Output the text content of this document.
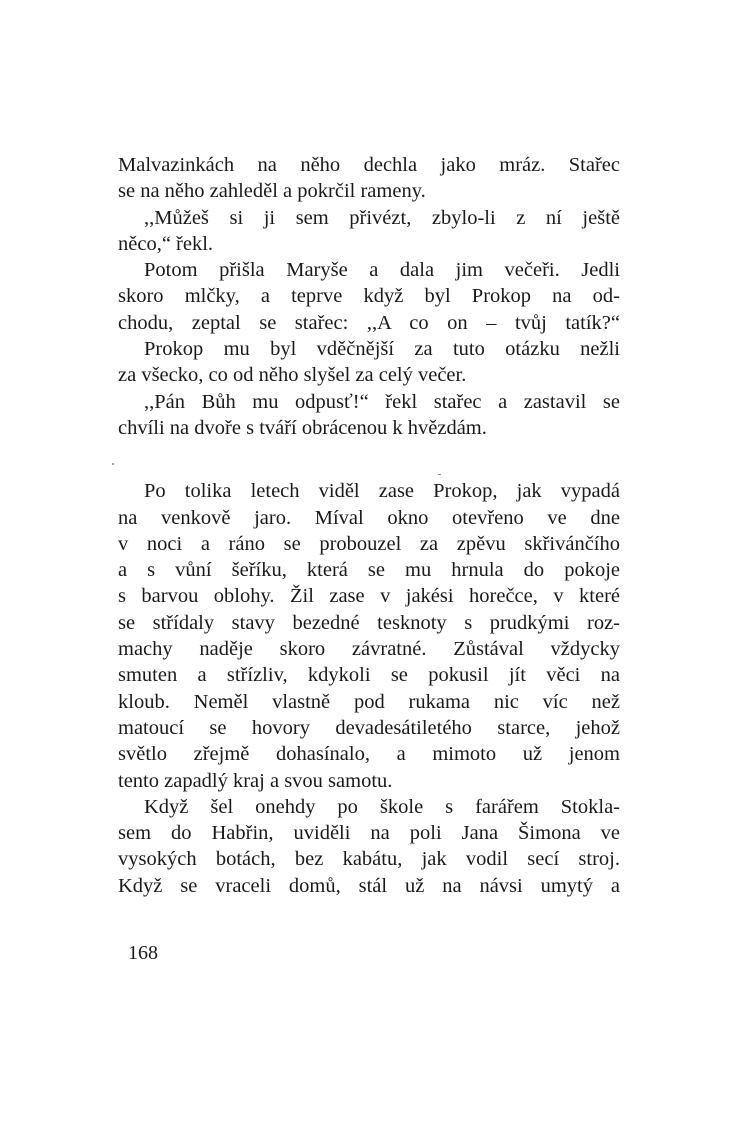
Malvazinkách na něho dechla jako mráz. Stařec
se na něho zahleděl a pokrčil rameny.
,,Můžeš si ji sem přivézt, zbylo-li z ní ještě
něco,“ řekl.
Potom přišla Maryše a dala jim večeři. Jedli
skoro mlčky, a teprve když byl Prokop na od-
chodu, zeptal se stařec: ,,A co on – tvůj tatík?“
Prokop mu byl vděčnější za tuto otázku nežli
za všecko, co od něho slyšel za celý večer.
,,Pán Bůh mu odpusť!“ řekl stařec a zastavil se
chvíli na dvoře s tváří obrácenou k hvězdám.
Po tolika letech viděl zase Prokop, jak vypadá
na venkově jaro. Míval okno otevřeno ve dne
v noci a ráno se probouzel za zpěvu skřivánčího
a s vůní šeříku, která se mu hrnula do pokoje
s barvou oblohy. Žil zase v jakési horečce, v které
se střídaly stavy bezedné tesknoty s prudkými roz-
machy naděje skoro závratné. Zůstával vždycky
smuten a střízliv, kdykoli se pokusil jít věci na
kloub. Neměl vlastně pod rukama nic víc než
matoucí se hovory devadesátiletého starce, jehož
světlo zřejmě dohasínalo, a mimoto už jenom
tento zapadlý kraj a svou samotu.
Když šel onehdy po škole s farářem Stokla-
sem do Habřin, uviděli na poli Jana Šimona ve
vysokých botách, bez kabátu, jak vodil secí stroj.
Když se vraceli domů, stál už na návsi umytý a
168
